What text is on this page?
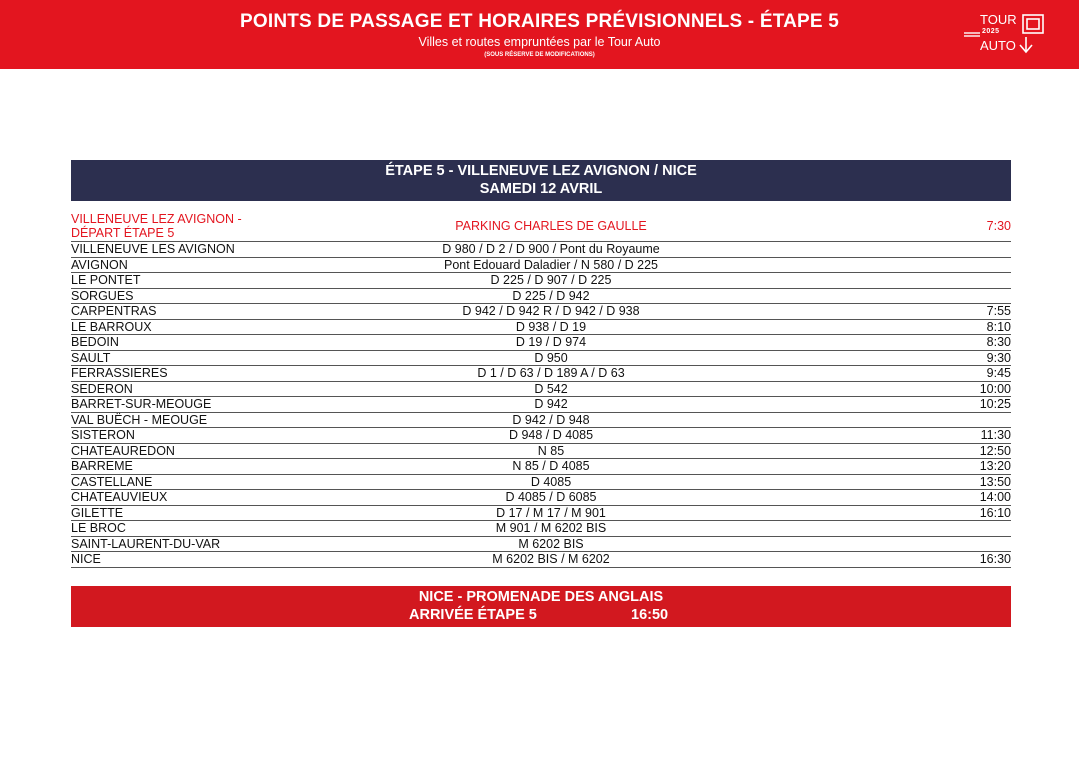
POINTS DE PASSAGE ET HORAIRES PRÉVISIONNELS - ÉTAPE 5
Villes et routes empruntées par le Tour Auto
(SOUS RÉSERVE DE MODIFICATIONS)
TOUR
2025
AUTO
ÉTAPE 5 - VILLENEUVE LEZ AVIGNON / NICE
SAMEDI 12 AVRIL
VILLENEUVE LEZ AVIGNON -
DÉPART ÉTAPE 5	PARKING CHARLES DE GAULLE	7:30
VILLENEUVE LES AVIGNON	D 980 / D 2 / D 900 / Pont du Royaume
AVIGNON	Pont Edouard Daladier / N 580 / D 225
LE PONTET	D 225 / D 907 / D 225
SORGUES	D 225 / D 942
CARPENTRAS	D 942 / D 942 R / D 942 / D 938	7:55
LE BARROUX	D 938 / D 19	8:10
BEDOIN	D 19 / D 974	8:30
SAULT	D 950	9:30
FERRASSIERES	D 1 / D 63 / D 189 A / D 63	9:45
SEDERON	D 542	10:00
BARRET-SUR-MEOUGE	D 942	10:25
VAL BUËCH - MEOUGE	D 942 / D 948
SISTERON	D 948 / D 4085	11:30
CHATEAUREDON	N 85	12:50
BARREME	N 85 / D 4085	13:20
CASTELLANE	D 4085	13:50
CHATEAUVIEUX	D 4085 / D 6085	14:00
GILETTE	D 17 / M 17 / M 901	16:10
LE BROC	M 901 / M 6202 BIS
SAINT-LAURENT-DU-VAR	M 6202 BIS
NICE	M 6202 BIS / M 6202	16:30
NICE - PROMENADE DES ANGLAIS
ARRIVÉE ÉTAPE 5	16:50
